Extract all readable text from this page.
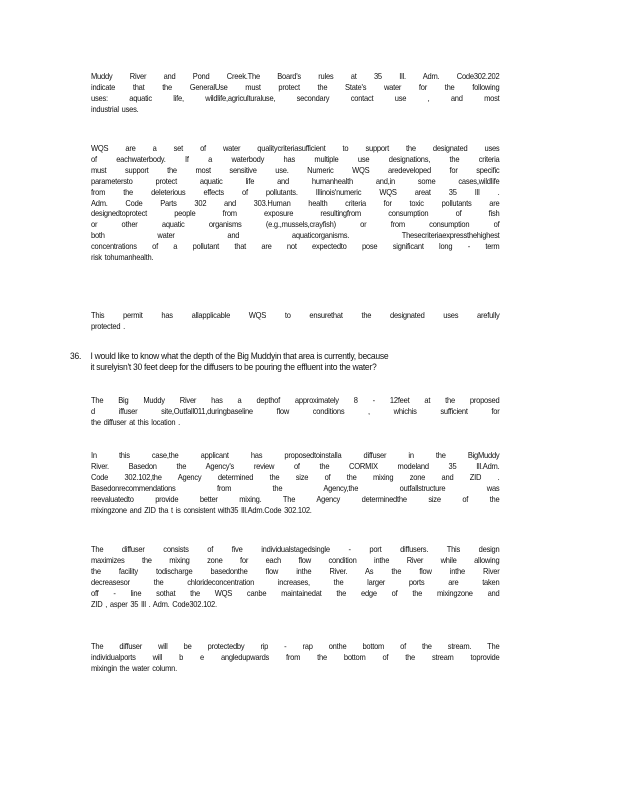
Muddy River and Pond Creek.The Board's rules at 35 Ill. Adm. Code302.202
indicate that the GeneralUse must protect the State's water for the following
uses: aquatic life, wildlife,agriculturaluse, secondary contact use , and most
industrial uses.
WQS are a set of water qualitycriteriasufficient to support the designated uses
of eachwaterbody. If a waterbody has multiple use designations, the criteria
must support the most sensitive use. Numeric WQS aredeveloped for specific
parametersto protect aquatic life and humanhealth and,in some cases,wildlife
from the deleterious effects of pollutants. Illinois'numeric WQS areat 35 Ill .
Adm. Code Parts 302 and 303.Human health criteria for toxic pollutants are
designedtoprotect people from exposure resultingfrom consumption of fish
or other aquatic organisms (e.g.,mussels,crayfish) or from consumption of
both water and aquaticorganisms. Thesecriteriaexpressthehighest
concentrations of a pollutant that are not expectedto pose significant long - term
risk tohumanhealth.
This permit has allapplicable WQS to ensurethat the designated uses arefully
protected .
36. I would like to know what the depth of the Big Muddyin that area is currently, because
it surelyisn't 30 feet deep for the diffusers to be pouring the effluent into the water?
The Big Muddy River has a depthof approximately 8 - 12feet at the proposed
d iffuser site,Outfall011,duringbaseline flow conditions , whichis sufficient for
the diffuser at this location .
In this case,the applicant has proposedtoinstalla diffuser in the BigMuddy
River. Basedon the Agency's review of the CORMIX modeland 35 Ill.Adm.
Code 302.102,the Agency determined the size of the mixing zone and ZID .
Basedonrecommendations from the Agency,the outfallstructure was
reevaluatedto provide better mixing. The Agency determinedthe size of the
mixingzone and ZID tha t is consistent with35 Ill.Adm.Code 302.102.
The diffuser consists of five individualstagedsingle - port diffusers. This design
maximizes the mixing zone for each flow condition inthe River while allowing
the facility todischarge basedonthe flow inthe River. As the flow inthe River
decreasesor the chlorideconcentration increases, the larger ports are taken
off - line sothat the WQS canbe maintainedat the edge of the mixingzone and
ZID , asper 35 Ill . Adm. Code302.102.
The diffuser will be protectedby rip - rap onthe bottom of the stream. The
individualports will b e angledupwards from the bottom of the stream toprovide
mixingin the water column.
